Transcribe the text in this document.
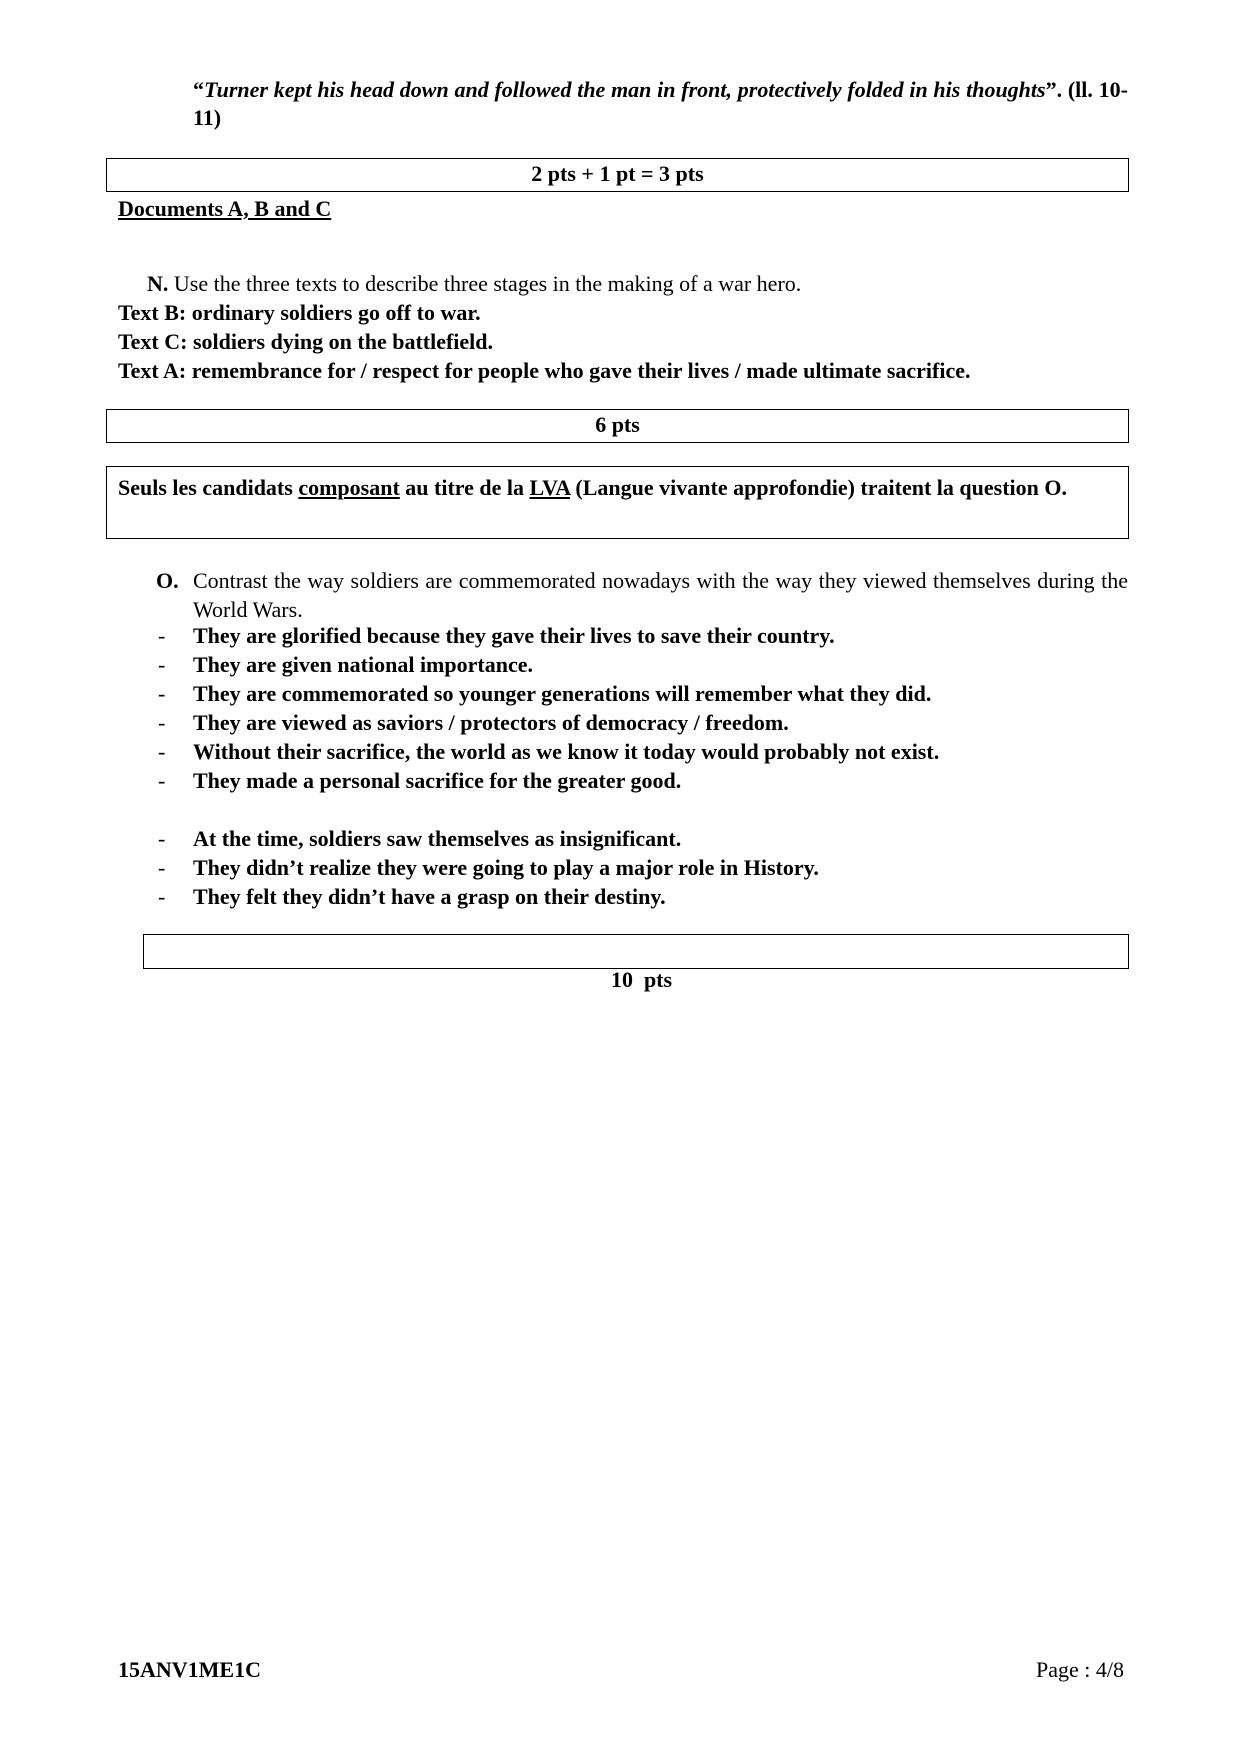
“Turner kept his head down and followed the man in front, protectively folded in his thoughts”. (ll. 10-11)
2 pts + 1 pt = 3 pts
Documents A, B and C
N. Use the three texts to describe three stages in the making of a war hero.
Text B: ordinary soldiers go off to war.
Text C: soldiers dying on the battlefield.
Text A: remembrance for / respect for people who gave their lives / made ultimate sacrifice.
6 pts
Seuls les candidats composant au titre de la LVA (Langue vivante approfondie) traitent la question O.
O. Contrast the way soldiers are commemorated nowadays with the way they viewed themselves during the World Wars.
- They are glorified because they gave their lives to save their country.
- They are given national importance.
- They are commemorated so younger generations will remember what they did.
- They are viewed as saviors / protectors of democracy / freedom.
- Without their sacrifice, the world as we know it today would probably not exist.
- They made a personal sacrifice for the greater good.
- At the time, soldiers saw themselves as insignificant.
- They didn’t realize they were going to play a major role in History.
- They felt they didn’t have a grasp on their destiny.

10  pts

15ANV1ME1C	Page : 4/8
